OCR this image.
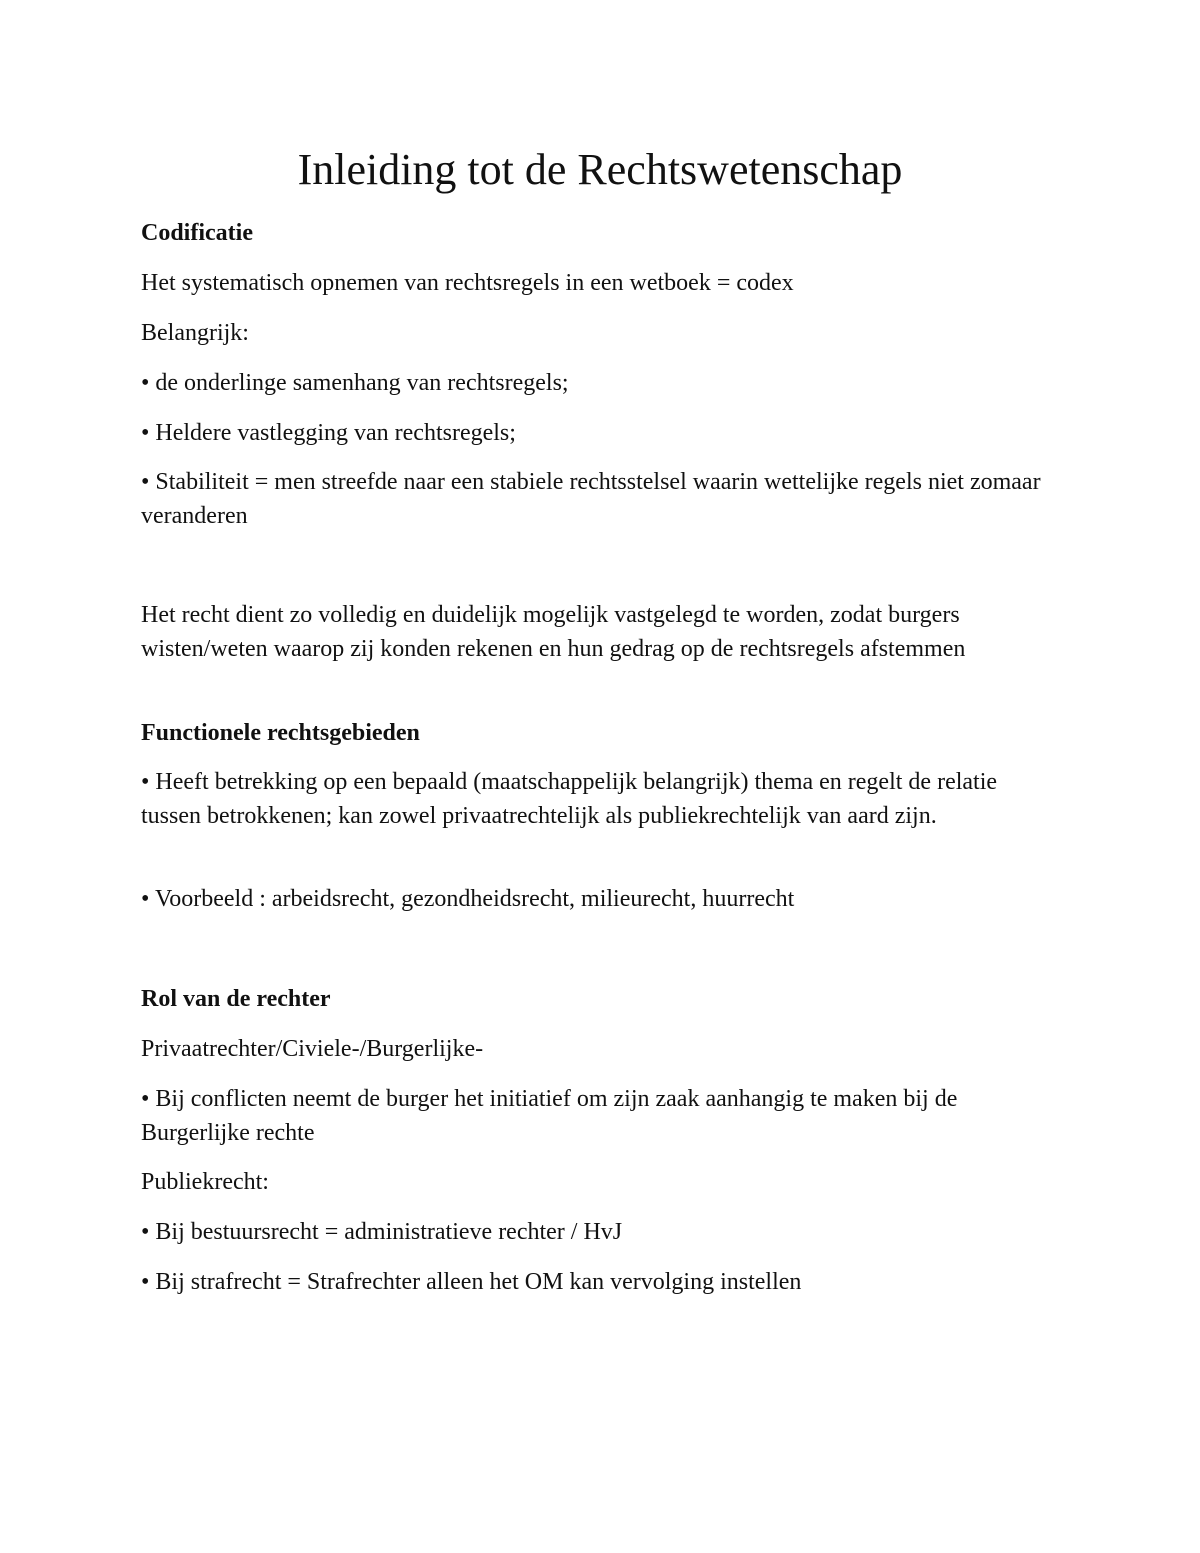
Inleiding tot de Rechtswetenschap

Codificatie

Het systematisch opnemen van rechtsregels in een wetboek = codex

Belangrijk:

• de onderlinge samenhang van rechtsregels;

• Heldere vastlegging van rechtsregels;

• Stabiliteit = men streefde naar een stabiele rechtsstelsel waarin wettelijke regels niet zomaar veranderen

Het recht dient zo volledig en duidelijk mogelijk vastgelegd te worden, zodat burgers wisten/weten waarop zij konden rekenen en hun gedrag op de rechtsregels afstemmen

Functionele rechtsgebieden

• Heeft betrekking op een bepaald (maatschappelijk belangrijk) thema en regelt de relatie tussen betrokkenen; kan zowel privaatrechtelijk als publiekrechtelijk van aard zijn.

• Voorbeeld : arbeidsrecht, gezondheidsrecht, milieurecht, huurrecht

Rol van de rechter

Privaatrechter/Civiele-/Burgerlijke-

• Bij conflicten neemt de burger het initiatief om zijn zaak aanhangig te maken bij de Burgerlijke rechte

Publiekrecht:

• Bij bestuursrecht = administratieve rechter / HvJ

• Bij strafrecht = Strafrechter alleen het OM kan vervolging instellen
